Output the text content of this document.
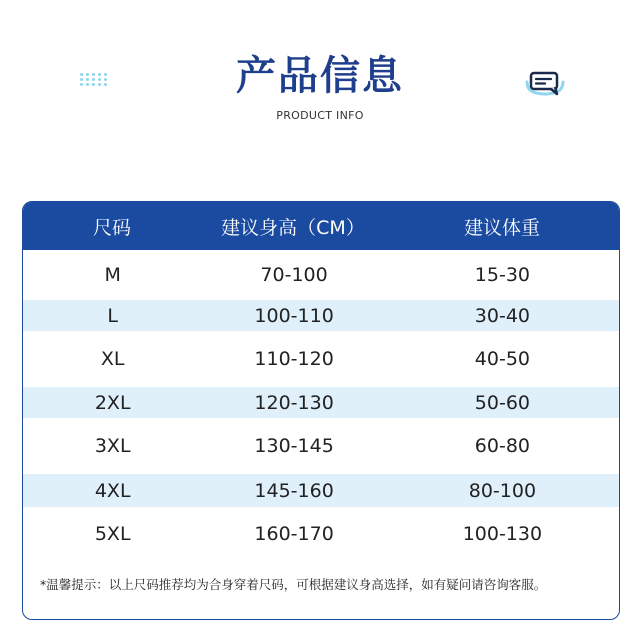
产品信息
PRODUCT INFO
尺码	建议身高（CM）	建议体重
M	70-100	15-30
L	100-110	30-40
XL	110-120	40-50
2XL	120-130	50-60
3XL	130-145	60-80
4XL	145-160	80-100
5XL	160-170	100-130
*温馨提示：以上尺码推荐均为合身穿着尺码，可根据建议身高选择，如有疑问请咨询客服。
